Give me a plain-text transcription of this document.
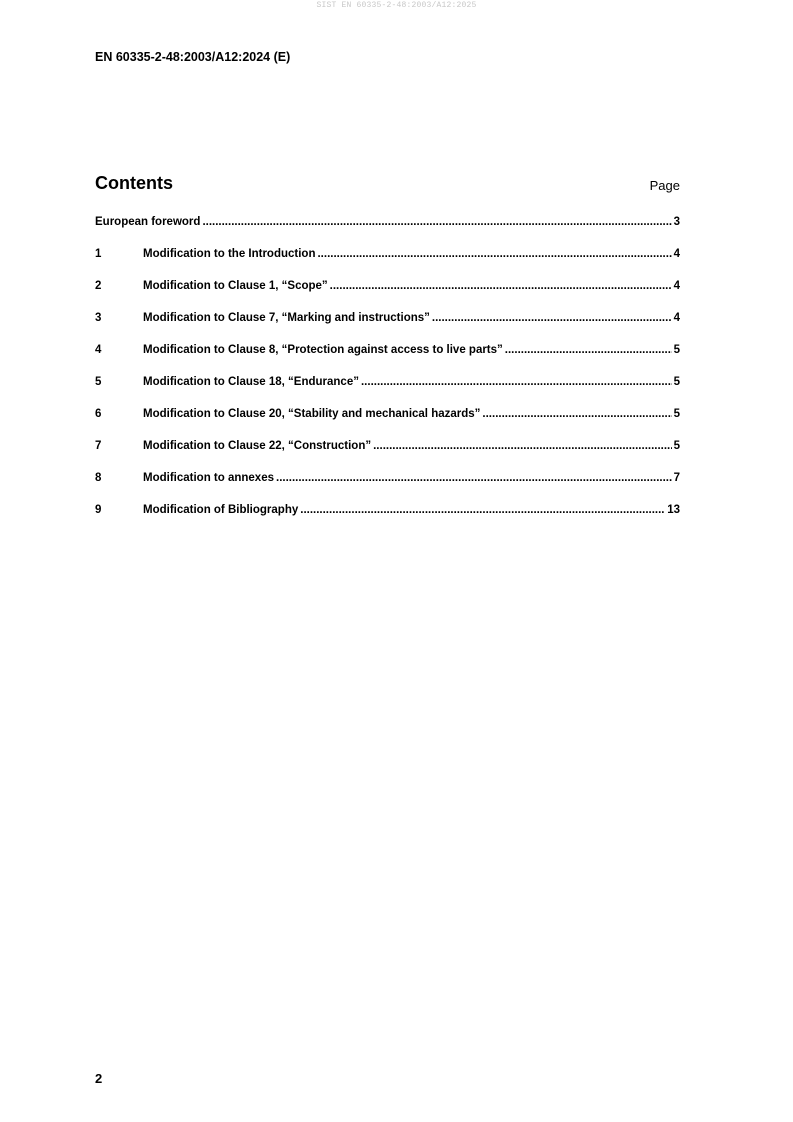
SIST EN 60335-2-48:2003/A12:2025
EN 60335-2-48:2003/A12:2024 (E)
Contents	Page
European foreword .....	3
1	Modification to the Introduction .....	4
2	Modification to Clause 1, “Scope” .....	4
3	Modification to Clause 7, “Marking and instructions” .....	4
4	Modification to Clause 8, “Protection against access to live parts” .....	5
5	Modification to Clause 18, “Endurance” .....	5
6	Modification to Clause 20, “Stability and mechanical hazards” .....	5
7	Modification to Clause 22, “Construction” .....	5
8	Modification to annexes .....	7
9	Modification of Bibliography .....	13
2
